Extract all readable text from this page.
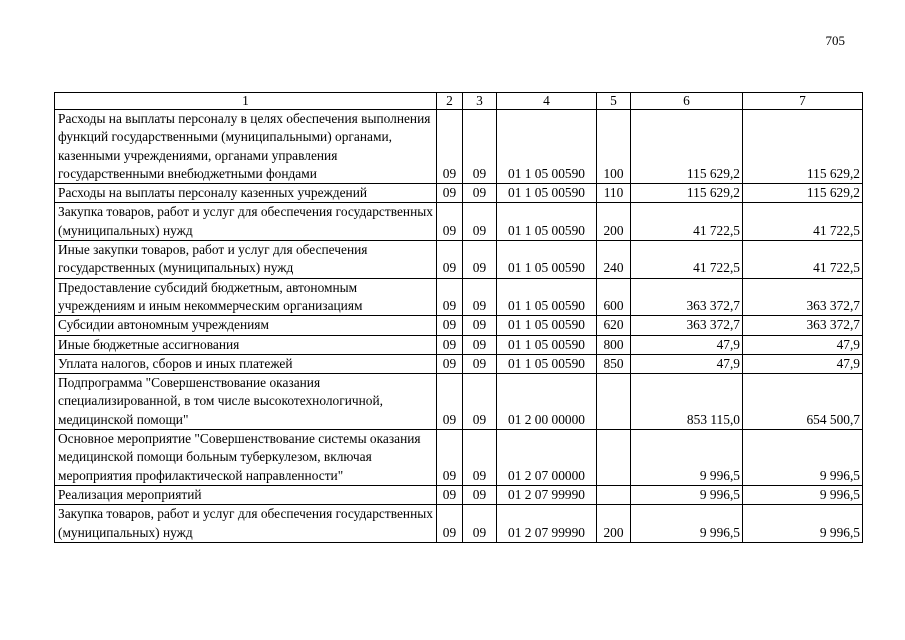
705
1	2	3	4	5	6	7
Расходы на выплаты персоналу в целях обеспечения выполнения функций государственными (муниципальными) органами, казенными учреждениями, органами управления государственными внебюджетными фондами	09	09	01 1 05 00590	100	115 629,2	115 629,2
Расходы на выплаты персоналу казенных учреждений	09	09	01 1 05 00590	110	115 629,2	115 629,2
Закупка товаров, работ и услуг для обеспечения государственных (муниципальных) нужд	09	09	01 1 05 00590	200	41 722,5	41 722,5
Иные закупки товаров, работ и услуг для обеспечения государственных (муниципальных) нужд	09	09	01 1 05 00590	240	41 722,5	41 722,5
Предоставление субсидий бюджетным, автономным учреждениям и иным некоммерческим организациям	09	09	01 1 05 00590	600	363 372,7	363 372,7
Субсидии автономным учреждениям	09	09	01 1 05 00590	620	363 372,7	363 372,7
Иные бюджетные ассигнования	09	09	01 1 05 00590	800	47,9	47,9
Уплата налогов, сборов и иных платежей	09	09	01 1 05 00590	850	47,9	47,9
Подпрограмма "Совершенствование оказания специализированной, в том числе высокотехнологичной, медицинской помощи"	09	09	01 2 00 00000		853 115,0	654 500,7
Основное мероприятие "Совершенствование системы оказания медицинской помощи больным туберкулезом, включая мероприятия профилактической направленности"	09	09	01 2 07 00000		9 996,5	9 996,5
Реализация мероприятий	09	09	01 2 07 99990		9 996,5	9 996,5
Закупка товаров, работ и услуг для обеспечения государственных (муниципальных) нужд	09	09	01 2 07 99990	200	9 996,5	9 996,5
